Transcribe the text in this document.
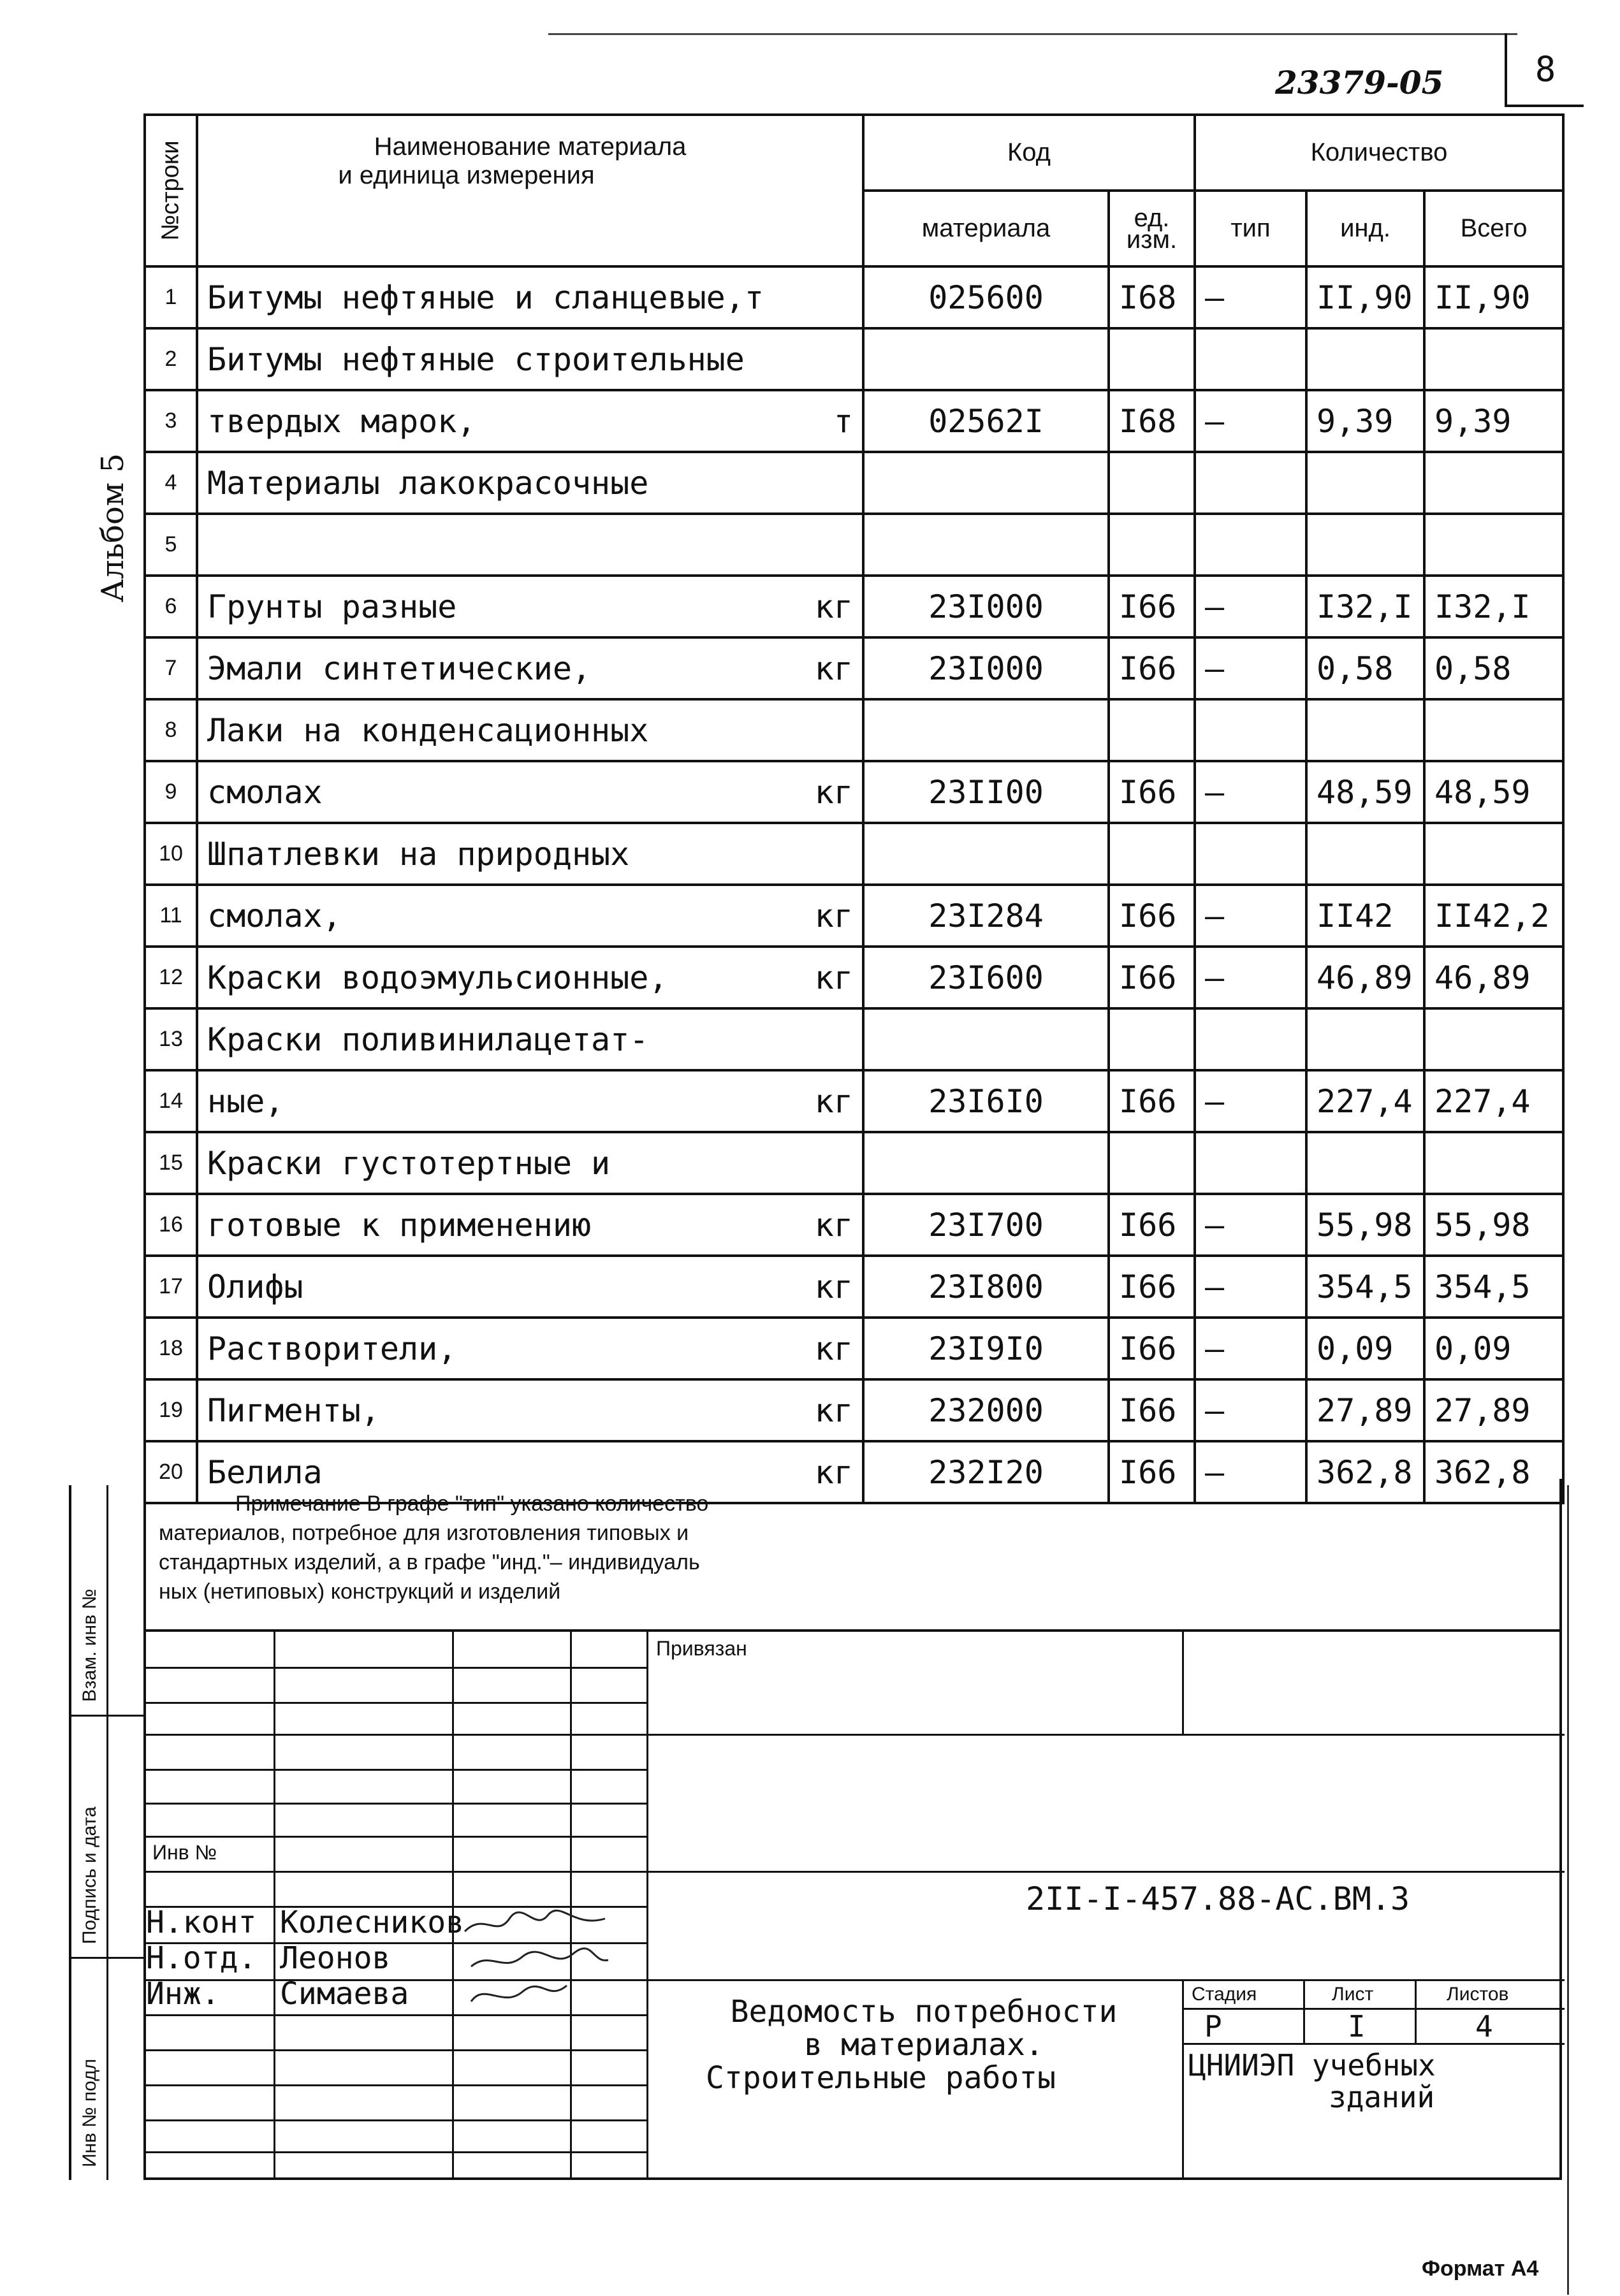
23379-05	8
Альбом 5
№строки	Наименование материала
и единица измерения	Код		Количество		
		материала	ед.
изм.	тип	инд.	Всего
1	Битумы нефтяные и сланцевые,т	025600	I68	–	II,90	II,90
2	Битумы нефтяные строительные

3	твердых марок, т	02562I	I68	–	9,39	9,39
4	Материалы лакокрасочные

5	

6	Грунты разные кг	23I000	I66	–	I32,I	I32,I
7	Эмали синтетические, кг	23I000	I66	–	0,58	0,58
8	Лаки на конденсационных

9	смолах кг	23II00	I66	–	48,59	48,59
10	Шпатлевки на природных

11	смолах, кг	23I284	I66	–	II42	II42,2
12	Краски водоэмульсионные, кг	23I600	I66	–	46,89	46,89
13	Краски поливинилацетат-

14	ные, кг	23I6I0	I66	–	227,4	227,4
15	Краски густотертные и

16	готовые к применению кг	23I700	I66	–	55,98	55,98
17	Олифы кг	23I800	I66	–	354,5	354,5
18	Растворители, кг	23I9I0	I66	–	0,09	0,09
19	Пигменты, кг	232000	I66	–	27,89	27,89
20	Белила кг	232I20	I66	–	362,8	362,8
Примечание В графе "тип" указано количество
материалов, потребное для изготовления типовых и
стандартных изделий, а в графе "инд."– индивидуаль
ных (нетиповых) конструкций и изделий
Привязан
Инв №
2II-I-457.88-АС.ВМ.3
Н.конт Колесников
Н.отд. Леонов
Инж. Симаева	Ведомость потребности
в материалах.
Строительные работы
Стадия	Лист	Листов
Р	I	4
ЦНИИЭП учебных
зданий
Взам. инв №
Подпись и дата
Инв № подл
Формат А4
